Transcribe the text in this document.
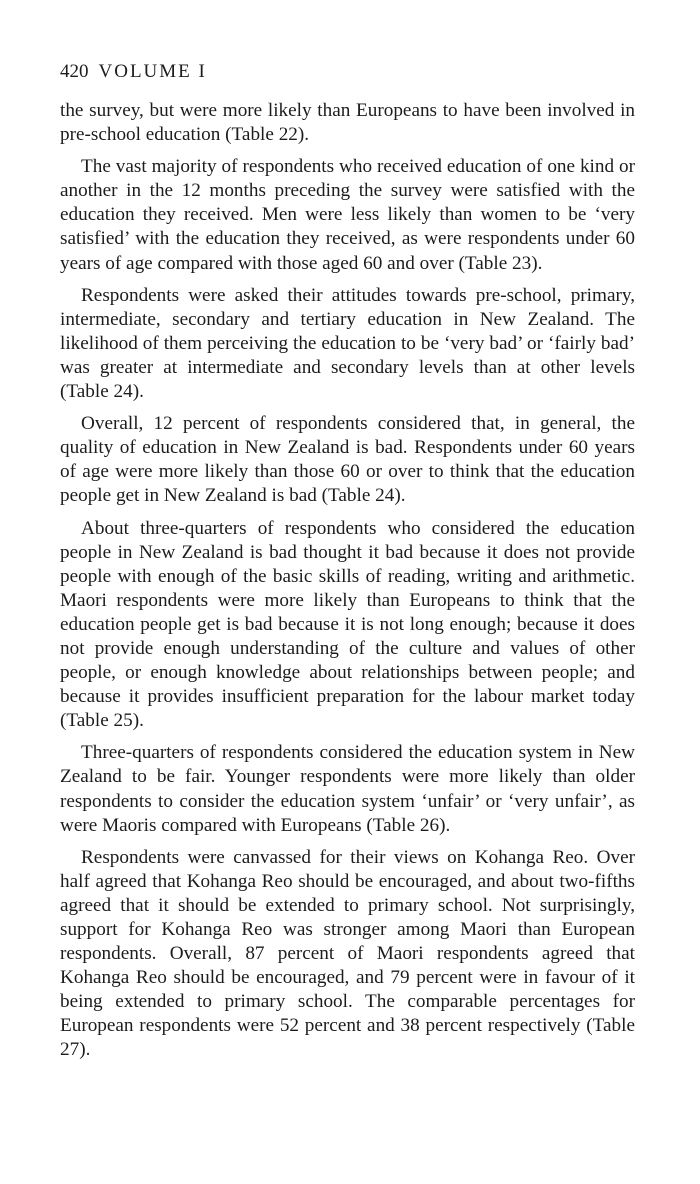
420 VOLUME I

the survey, but were more likely than Europeans to have been involved in pre-school education (Table 22).

The vast majority of respondents who received education of one kind or another in the 12 months preceding the survey were satisfied with the education they received. Men were less likely than women to be ‘very satisfied’ with the education they received, as were respondents under 60 years of age compared with those aged 60 and over (Table 23).

Respondents were asked their attitudes towards pre-school, primary, intermediate, secondary and tertiary education in New Zealand. The likelihood of them perceiving the education to be ‘very bad’ or ‘fairly bad’ was greater at intermediate and secondary levels than at other levels (Table 24).

Overall, 12 percent of respondents considered that, in general, the quality of education in New Zealand is bad. Respondents under 60 years of age were more likely than those 60 or over to think that the education people get in New Zealand is bad (Table 24).

About three-quarters of respondents who considered the education people in New Zealand is bad thought it bad because it does not provide people with enough of the basic skills of reading, writing and arithmetic. Maori respondents were more likely than Europeans to think that the education people get is bad because it is not long enough; because it does not provide enough understanding of the culture and values of other people, or enough knowledge about relationships between people; and because it provides insufficient preparation for the labour market today (Table 25).

Three-quarters of respondents considered the education system in New Zealand to be fair. Younger respondents were more likely than older respondents to consider the education system ‘unfair’ or ‘very unfair’, as were Maoris compared with Europeans (Table 26).

Respondents were canvassed for their views on Kohanga Reo. Over half agreed that Kohanga Reo should be encouraged, and about two-fifths agreed that it should be extended to primary school. Not surprisingly, support for Kohanga Reo was stronger among Maori than European respondents. Overall, 87 percent of Maori respondents agreed that Kohanga Reo should be encouraged, and 79 percent were in favour of it being extended to primary school. The comparable percentages for European respondents were 52 percent and 38 percent respectively (Table 27).
